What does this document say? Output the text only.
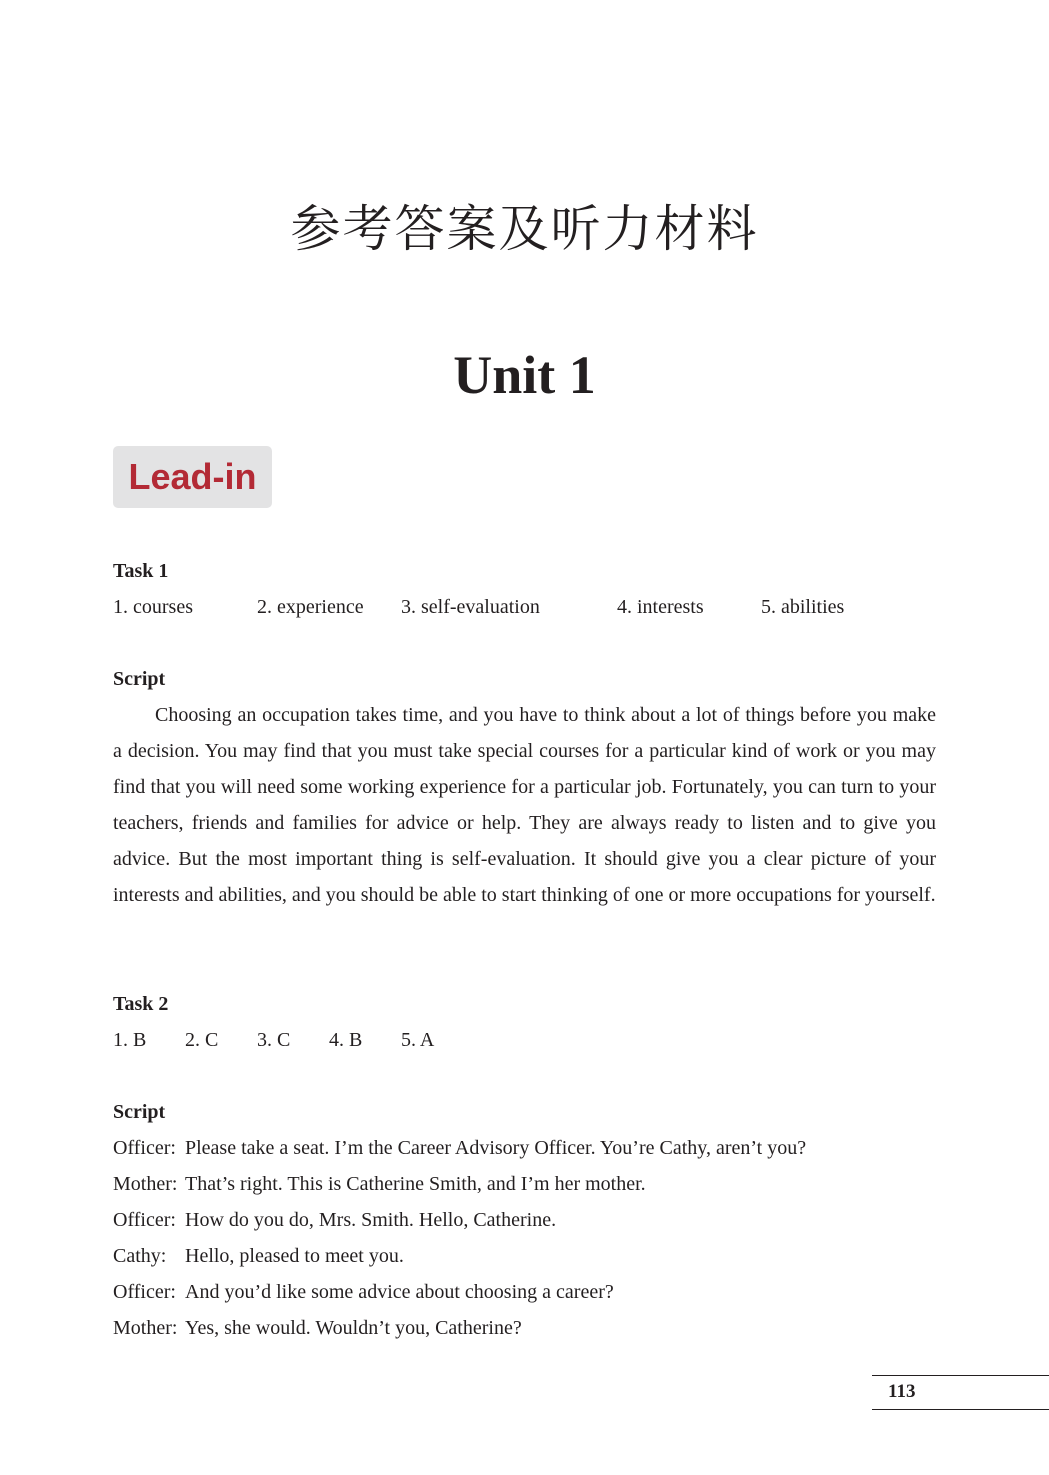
参考答案及听力材料
Unit 1
Lead-in
Task 1
1. courses	2. experience 3. self-evaluation	4. interests	5. abilities
Script

Choosing an occupation takes time, and you have to think about a lot of things before you make a decision. You may find that you must take special courses for a particular kind of work or you may find that you will need some working experience for a particular job. Fortunately, you can turn to your teachers, friends and families for advice or help. They are always ready to listen and to give you advice. But the most important thing is self-evaluation. It should give you a clear picture of your interests and abilities, and you should be able to start thinking of one or more occupations for yourself.

Task 2
1. B 2. C 3. C 4. B 5. A
Script
Officer: Please take a seat. I’m the Career Advisory Officer. You’re Cathy, aren’t you?
Mother: That’s right. This is Catherine Smith, and I’m her mother.
Officer: How do you do, Mrs. Smith. Hello, Catherine.
Cathy: Hello, pleased to meet you.
Officer: And you’d like some advice about choosing a career?
Mother: Yes, she would. Wouldn’t you, Catherine?
113
